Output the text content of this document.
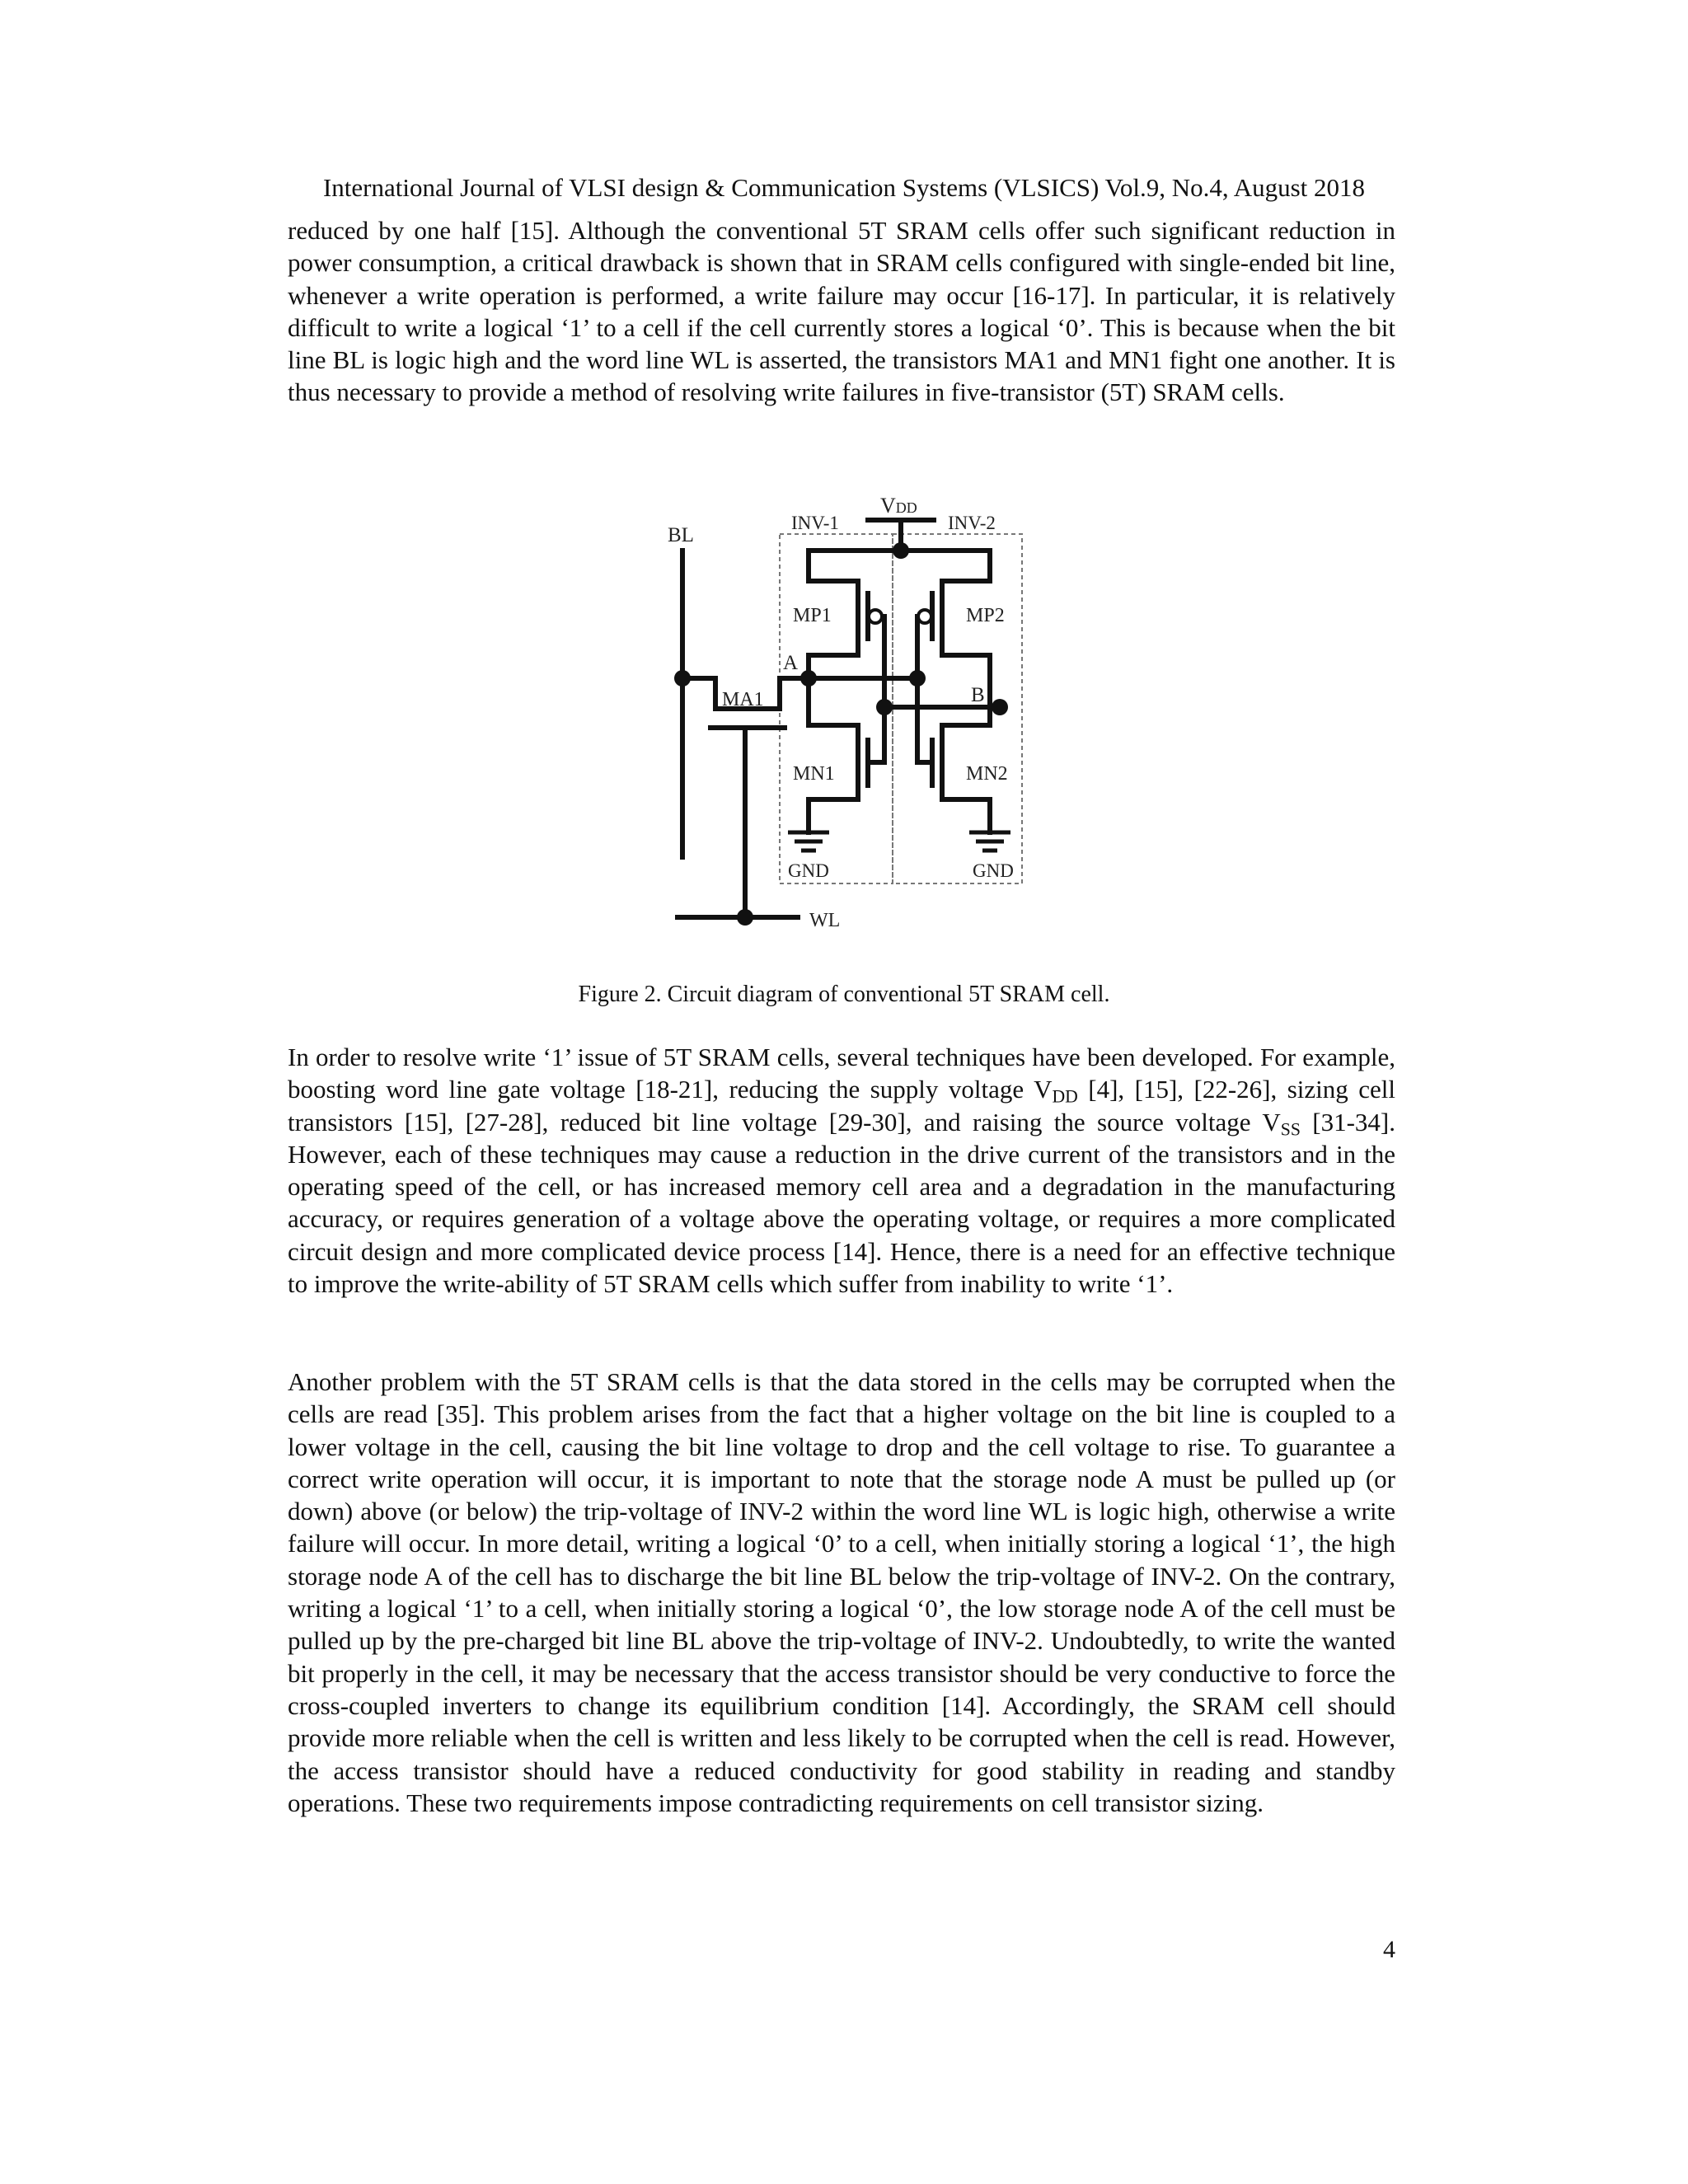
International Journal of VLSI design & Communication Systems (VLSICS) Vol.9, No.4, August 2018

reduced by one half [15]. Although the conventional 5T SRAM cells offer such significant reduction in power consumption, a critical drawback is shown that in SRAM cells configured with single-ended bit line, whenever a write operation is performed, a write failure may occur [16-17]. In particular, it is relatively difficult to write a logical ‘1’ to a cell if the cell currently stores a logical ‘0’. This is because when the bit line BL is logic high and the word line WL is asserted, the transistors MA1 and MN1 fight one another. It is thus necessary to provide a method of resolving write failures in five-transistor (5T) SRAM cells.

VDD
INV-1	INV-2
BL
MP1	MP2
A
B
MA1
MN1	MN2
GND	GND
WL
Figure 2. Circuit diagram of conventional 5T SRAM cell.

In order to resolve write ‘1’ issue of 5T SRAM cells, several techniques have been developed. For example, boosting word line gate voltage [18-21], reducing the supply voltage $V_{DD}$ [4], [15], [22-26], sizing cell transistors [15], [27-28], reduced bit line voltage [29-30], and raising the source voltage $V_{SS}$ [31-34]. However, each of these techniques may cause a reduction in the drive current of the transistors and in the operating speed of the cell, or has increased memory cell area and a degradation in the manufacturing accuracy, or requires generation of a voltage above the operating voltage, or requires a more complicated circuit design and more complicated device process [14]. Hence, there is a need for an effective technique to improve the write-ability of 5T SRAM cells which suffer from inability to write ‘1’.

Another problem with the 5T SRAM cells is that the data stored in the cells may be corrupted when the cells are read [35]. This problem arises from the fact that a higher voltage on the bit line is coupled to a lower voltage in the cell, causing the bit line voltage to drop and the cell voltage to rise. To guarantee a correct write operation will occur, it is important to note that the storage node A must be pulled up (or down) above (or below) the trip-voltage of INV-2 within the word line WL is logic high, otherwise a write failure will occur. In more detail, writing a logical ‘0’ to a cell, when initially storing a logical ‘1’, the high storage node A of the cell has to discharge the bit line BL below the trip-voltage of INV-2. On the contrary, writing a logical ‘1’ to a cell, when initially storing a logical ‘0’, the low storage node A of the cell must be pulled up by the pre-charged bit line BL above the trip-voltage of INV-2. Undoubtedly, to write the wanted bit properly in the cell, it may be necessary that the access transistor should be very conductive to force the cross-coupled inverters to change its equilibrium condition [14]. Accordingly, the SRAM cell should provide more reliable when the cell is written and less likely to be corrupted when the cell is read. However, the access transistor should have a reduced conductivity for good stability in reading and standby operations. These two requirements impose contradicting requirements on cell transistor sizing.

4
